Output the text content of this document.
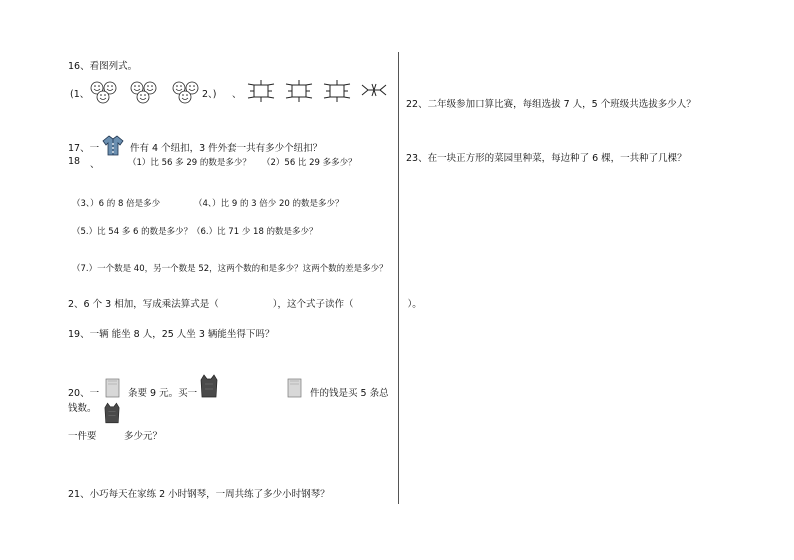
16、看图列式。
(1、	2、) 、
17、一	件有 4 个纽扣，3 件外套一共有多少个纽扣？
18 、	（1）比 56 多 29 的数是多少？ （2）56 比 29 多多少？
（3、）6 的 8 倍是多少	（4、）比 9 的 3 倍少 20 的数是多少？
（5.）比 54 多 6 的数是多少？ （6.）比 71 少 18 的数是多少？
（7.）一个数是 40，另一个数是 52，这两个数的和是多少？这两个数的差是多少？
2、6 个 3 相加，写成乘法算式是（	），这个式子读作（	）。
19、一辆 能坐 8 人，25 人坐 3 辆能坐得下吗？
20、一	条要 9 元。买一	件的钱是买 5 条总
钱数。
一件要	多少元？
21、小巧每天在家练 2 小时钢琴，一周共练了多少小时钢琴？
22、二年级参加口算比赛，每组选拔 7 人，5 个班级共选拔多少人？
23、在一块正方形的菜园里种菜，每边种了 6 棵，一共种了几棵？
